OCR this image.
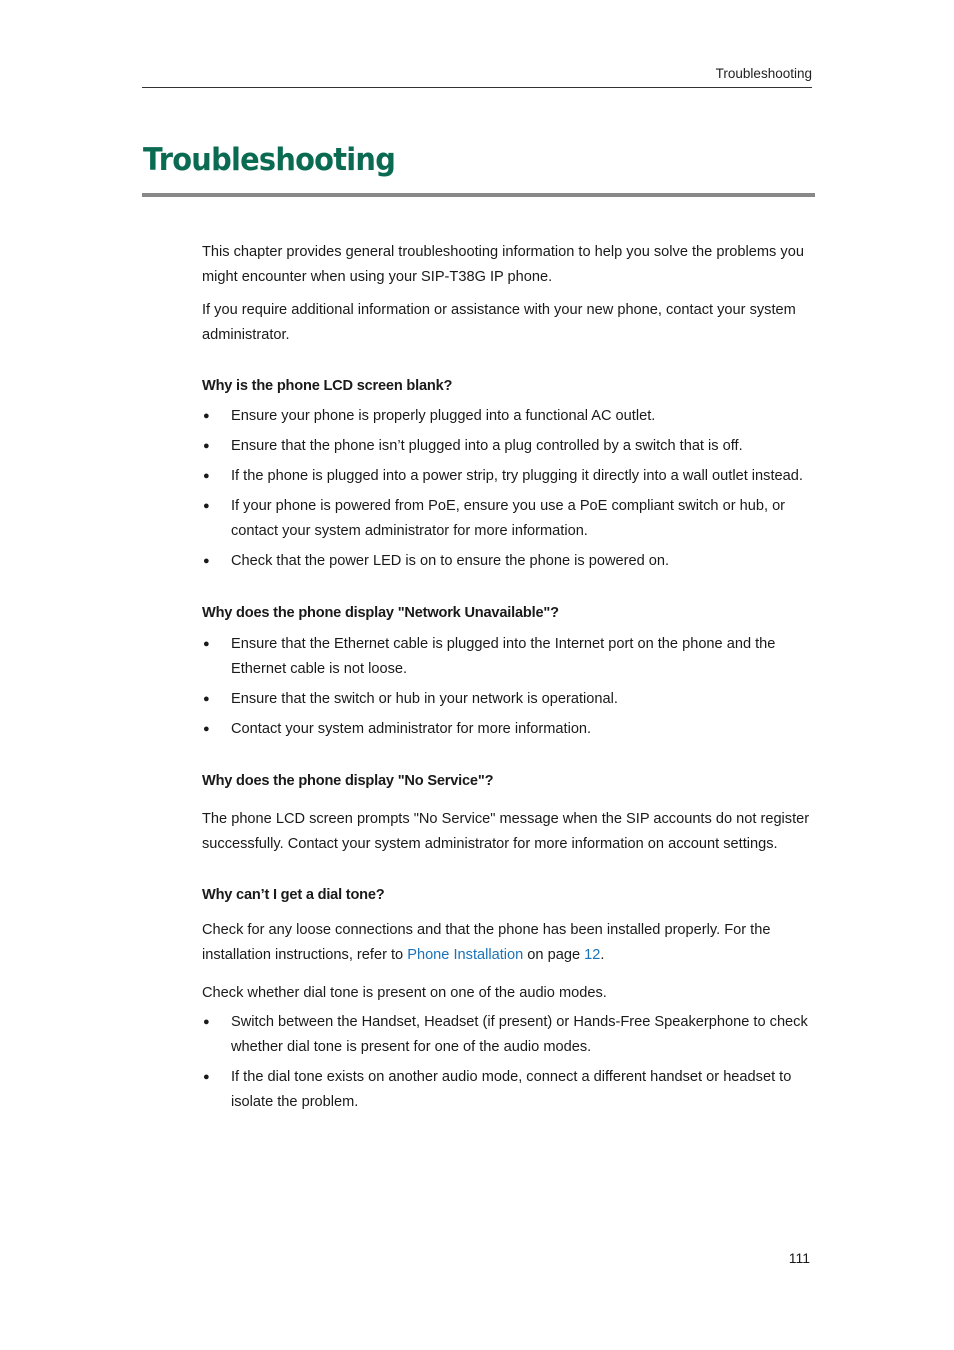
Troubleshooting
Troubleshooting

This chapter provides general troubleshooting information to help you solve the problems you might encounter when using your SIP-T38G IP phone.

If you require additional information or assistance with your new phone, contact your system administrator.

Why is the phone LCD screen blank?
● Ensure your phone is properly plugged into a functional AC outlet.
● Ensure that the phone isn’t plugged into a plug controlled by a switch that is off.
● If the phone is plugged into a power strip, try plugging it directly into a wall outlet instead.
● If your phone is powered from PoE, ensure you use a PoE compliant switch or hub, or contact your system administrator for more information.
● Check that the power LED is on to ensure the phone is powered on.
Why does the phone display "Network Unavailable"?
● Ensure that the Ethernet cable is plugged into the Internet port on the phone and the Ethernet cable is not loose.
● Ensure that the switch or hub in your network is operational.
● Contact your system administrator for more information.
Why does the phone display "No Service"?

The phone LCD screen prompts "No Service" message when the SIP accounts do not register successfully. Contact your system administrator for more information on account settings.

Why can’t I get a dial tone?

Check for any loose connections and that the phone has been installed properly. For the installation instructions, refer to Phone Installation on page 12.

Check whether dial tone is present on one of the audio modes.

● Switch between the Handset, Headset (if present) or Hands-Free Speakerphone to check whether dial tone is present for one of the audio modes.
● If the dial tone exists on another audio mode, connect a different handset or headset to isolate the problem.
111
